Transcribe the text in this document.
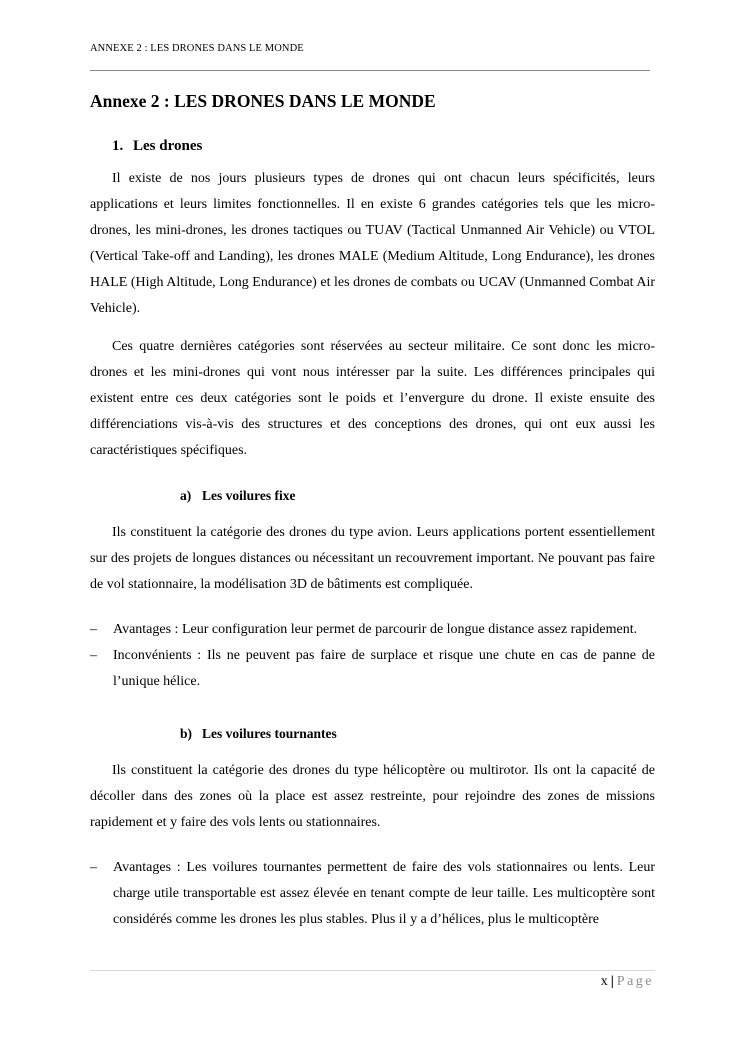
ANNEXE 2 : LES DRONES DANS LE MONDE
Annexe 2 : LES DRONES DANS LE MONDE
1. Les drones

Il existe de nos jours plusieurs types de drones qui ont chacun leurs spécificités, leurs applications et leurs limites fonctionnelles. Il en existe 6 grandes catégories tels que les micro-drones, les mini-drones, les drones tactiques ou TUAV (Tactical Unmanned Air Vehicle) ou VTOL (Vertical Take-off and Landing), les drones MALE (Medium Altitude, Long Endurance), les drones HALE (High Altitude, Long Endurance) et les drones de combats ou UCAV (Unmanned Combat Air Vehicle).

Ces quatre dernières catégories sont réservées au secteur militaire. Ce sont donc les micro-drones et les mini-drones qui vont nous intéresser par la suite. Les différences principales qui existent entre ces deux catégories sont le poids et l’envergure du drone. Il existe ensuite des différenciations vis-à-vis des structures et des conceptions des drones, qui ont eux aussi les caractéristiques spécifiques.

a) Les voilures fixe

Ils constituent la catégorie des drones du type avion. Leurs applications portent essentiellement sur des projets de longues distances ou nécessitant un recouvrement important. Ne pouvant pas faire de vol stationnaire, la modélisation 3D de bâtiments est compliquée.

– Avantages : Leur configuration leur permet de parcourir de longue distance assez rapidement.
– Inconvénients : Ils ne peuvent pas faire de surplace et risque une chute en cas de panne de l’unique hélice.
b) Les voilures tournantes

Ils constituent la catégorie des drones du type hélicoptère ou multirotor. Ils ont la capacité de décoller dans des zones où la place est assez restreinte, pour rejoindre des zones de missions rapidement et y faire des vols lents ou stationnaires.

– Avantages : Les voilures tournantes permettent de faire des vols stationnaires ou lents. Leur charge utile transportable est assez élevée en tenant compte de leur taille. Les multicoptère sont considérés comme les drones les plus stables. Plus il y a d’hélices, plus le multicoptère
x | Page
